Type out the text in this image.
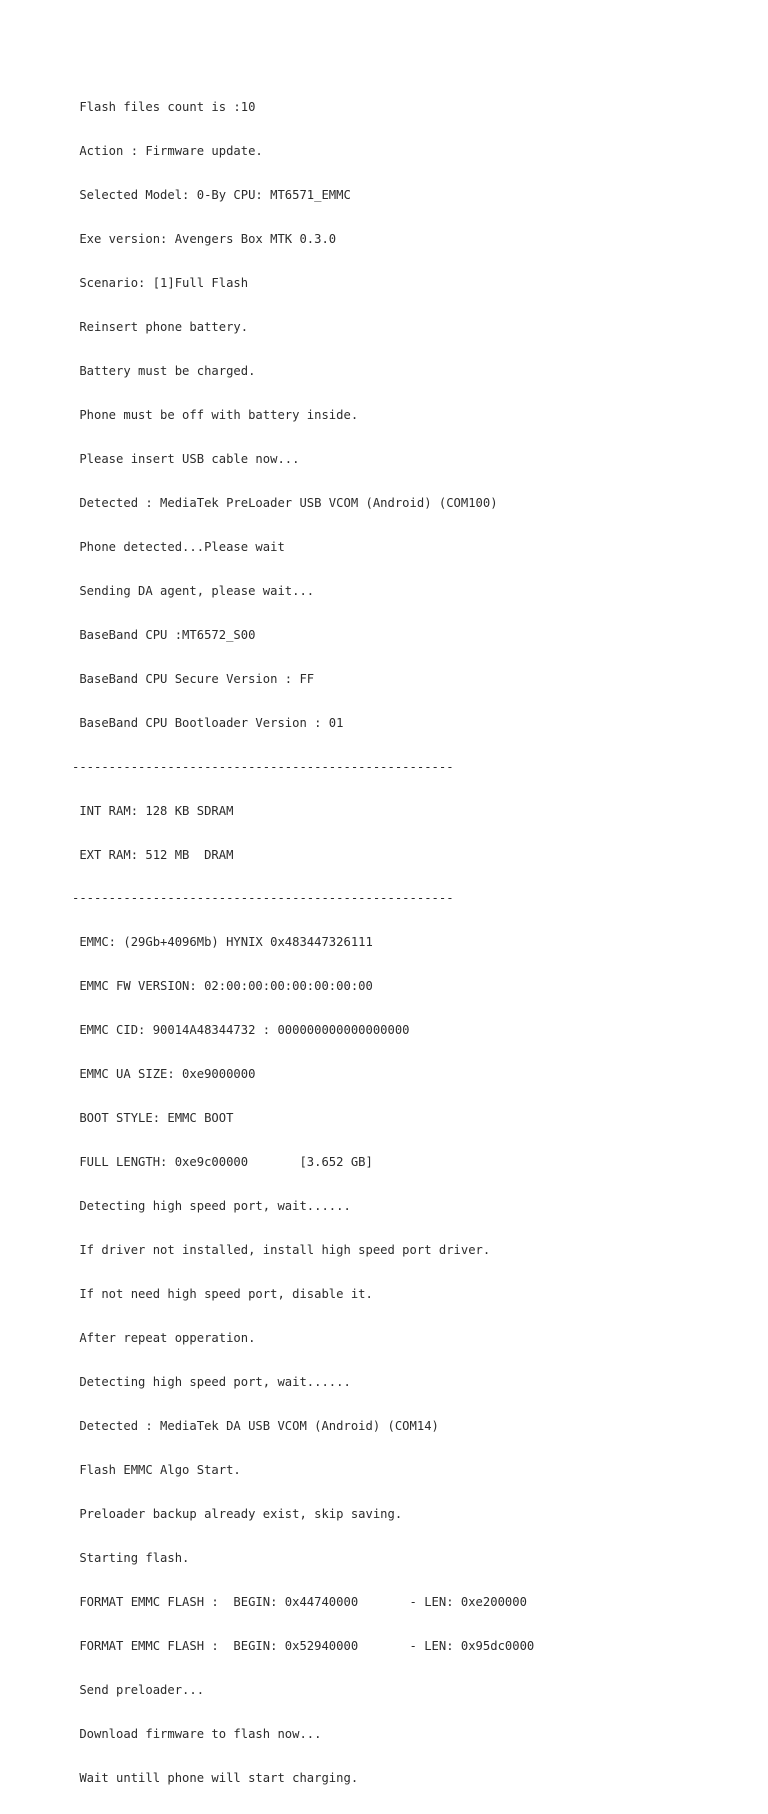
Flash files count is :10

Action : Firmware update.

Selected Model: 0-By CPU: MT6571_EMMC

Exe version: Avengers Box MTK 0.3.0

Scenario: [1]Full Flash

Reinsert phone battery.

Battery must be charged.

Phone must be off with battery inside.

Please insert USB cable now...

Detected : MediaTek PreLoader USB VCOM (Android) (COM100)

Phone detected...Please wait

Sending DA agent, please wait...

BaseBand CPU :MT6572_S00

BaseBand CPU Secure Version : FF

BaseBand CPU Bootloader Version : 01

----------------------------------------------------

INT RAM: 128 KB SDRAM

EXT RAM: 512 MB  DRAM

----------------------------------------------------

EMMC: (29Gb+4096Mb) HYNIX 0x483447326111

EMMC FW VERSION: 02:00:00:00:00:00:00:00

EMMC CID: 90014A48344732 : 000000000000000000

EMMC UA SIZE: 0xe9000000

BOOT STYLE: EMMC BOOT

FULL LENGTH: 0xe9c00000       [3.652 GB]

Detecting high speed port, wait......

If driver not installed, install high speed port driver.

If not need high speed port, disable it.

After repeat opperation.

Detecting high speed port, wait......

Detected : MediaTek DA USB VCOM (Android) (COM14)

Flash EMMC Algo Start.

Preloader backup already exist, skip saving.

Starting flash.

FORMAT EMMC FLASH :  BEGIN: 0x44740000       - LEN: 0xe200000

FORMAT EMMC FLASH :  BEGIN: 0x52940000       - LEN: 0x95dc0000

Send preloader...

Download firmware to flash now...

Wait untill phone will start charging.
